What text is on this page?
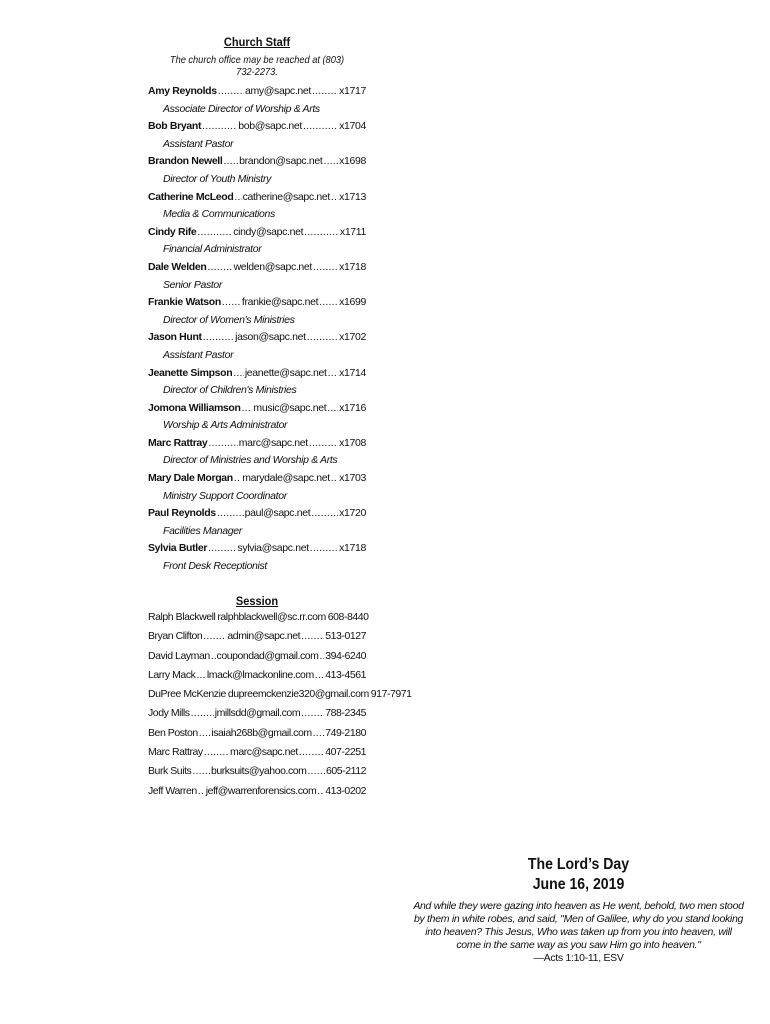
Church Staff
The church office may be reached at (803) 732-2273.
Amy Reynolds .....	amy@sapc.net .....	x1717
Associate Director of Worship & Arts
Bob Bryant .....	bob@sapc.net .....	x1704
Assistant Pastor
Brandon Newell ..... brandon@sapc.net ..... x1698
Director of Youth Ministry
Catherine McLeod ..... catherine@sapc.net ..... x1713
Media & Communications
Cindy Rife .....	cindy@sapc.net .....	x1711
Financial Administrator
Dale Welden .....	welden@sapc.net .....	x1718
Senior Pastor
Frankie Watson ..... frankie@sapc.net ..... x1699
Director of Women's Ministries
Jason Hunt .....	jason@sapc.net .....	x1702
Assistant Pastor
Jeanette Simpson ..... jeanette@sapc.net ..... x1714
Director of Children's Ministries
Jomona Williamson ..... music@sapc.net ..... x1716
Worship & Arts Administrator
Marc Rattray .....	marc@sapc.net .....	x1708
Director of Ministries and Worship & Arts
Mary Dale Morgan ..... marydale@sapc.net ..... x1703
Ministry Support Coordinator
Paul Reynolds .....	paul@sapc.net .....	x1720
Facilities Manager
Sylvia Butler .....	sylvia@sapc.net .....	x1718
Front Desk Receptionist
Session
Ralph Blackwell ralphblackwell@sc.rr.com 608-8440
Bryan Clifton ..... admin@sapc.net ..... 513-0127
David Layman ..... coupondad@gmail.com ..... 394-6240
Larry Mack ..... lmack@lmackonline.com ..... 413-4561
DuPree McKenzie dupreemckenzie320@gmail.com 917-7971
Jody Mills ..... jmillsdd@gmail.com ..... 788-2345
Ben Poston ..... isaiah268b@gmail.com ..... 749-2180
Marc Rattray .....	marc@sapc.net .....	407-2251
Burk Suits ..... burksuits@yahoo.com ..... 605-2112
Jeff Warren ..... jeff@warrenforensics.com ..... 413-0202
The Lord’s Day
June 16, 2019
And while they were gazing into heaven as He went, behold, two men stood by them in white robes, and said, "Men of Galilee, why do you stand looking into heaven? This Jesus, Who was taken up from you into heaven, will come in the same way as you saw Him go into heaven."
—Acts 1:10-11, ESV
